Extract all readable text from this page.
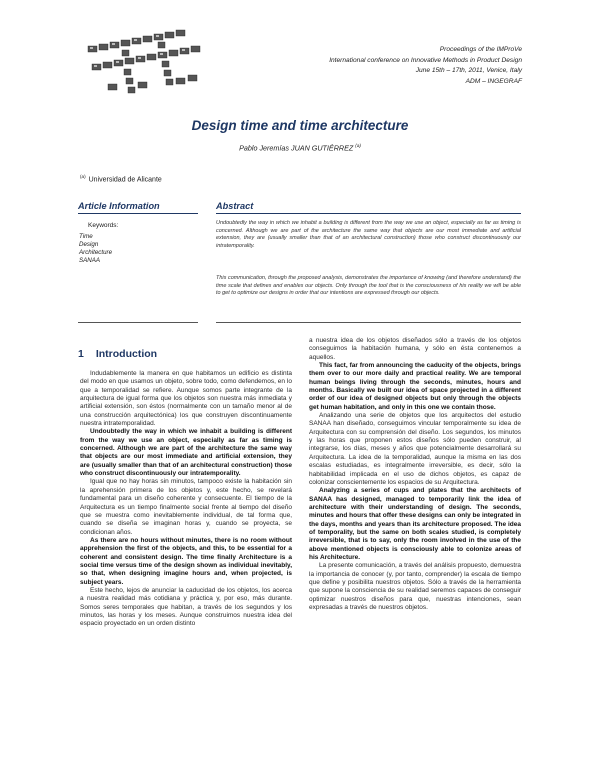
Proceedings of the IMProVe
International conference on Innovative Methods in Product Design
June 15th – 17th, 2011, Venice, Italy
ADM – INGEGRAF
Design time and time architecture
Pablo Jeremías JUAN GUTIÉRREZ $^{(a)}$
$^{(a)}$ Universidad de Alicante
Article Information	Abstract
Keywords:
Time
Design
Architecture
SANAA
Undoubtedly the way in which we inhabit a building is different from the way we use an object, especially as far as timing is concerned. Although we are part of the architecture the same way that objects are our most immediate and artificial extension, they are (usually smaller than that of an architectural construction) those who construct discontinuously our intratemporality.
This communication, through the proposed analysis, demonstrates the importance of knowing (and therefore understand) the time scale that defines and enables our objects. Only through the tool that is the consciousness of his reality we will be able to get to optimize our designs in order that our intentions are expressed through our objects.
1 Introduction

Indudablemente la manera en que habitamos un edificio es distinta del modo en que usamos un objeto, sobre todo, como defendemos, en lo que a temporalidad se refiere. Aunque somos parte integrante de la arquitectura de igual forma que los objetos son nuestra más inmediata y artificial extensión, son éstos (normalmente con un tamaño menor al de una construcción arquitectónica) los que construyen discontinuamente nuestra intratemporalidad.

Undoubtedly the way in which we inhabit a building is different from the way we use an object, especially as far as timing is concerned. Although we are part of the architecture the same way that objects are our most immediate and artificial extension, they are (usually smaller than that of an architectural construction) those who construct discontinuously our intratemporality.

Igual que no hay horas sin minutos, tampoco existe la habitación sin la aprehensión primera de los objetos y, este hecho, se revelará fundamental para un diseño coherente y consecuente. El tiempo de la Arquitectura es un tiempo finalmente social frente al tiempo del diseño que se muestra como inevitablemente individual, de tal forma que, cuando se diseña se imaginan horas y, cuando se proyecta, se condicionan años.

As there are no hours without minutes, there is no room without apprehension the first of the objects, and this, to be essential for a coherent and consistent design. The time finally Architecture is a social time versus time of the design shown as individual inevitably, so that, when designing imagine hours and, when projected, is subject years.

Este hecho, lejos de anunciar la caducidad de los objetos, los acerca a nuestra realidad más cotidiana y práctica y, por eso, más durante. Somos seres temporales que habitan, a través de los segundos y los minutos, las horas y los meses. Aunque construimos nuestra idea del espacio proyectado en un orden distinto

a nuestra idea de los objetos diseñados sólo a través de los objetos conseguimos la habitación humana, y sólo en ésta contenemos a aquellos.

This fact, far from announcing the caducity of the objects, brings them over to our more daily and practical reality. We are temporal human beings living through the seconds, minutes, hours and months. Basically we built our idea of space projected in a different order of our idea of designed objects but only through the objects get human habitation, and only in this one we contain those.

Analizando una serie de objetos que los arquitectos del estudio SANAA han diseñado, conseguimos vincular temporalmente su idea de Arquitectura con su comprensión del diseño. Los segundos, los minutos y las horas que proponen estos diseños sólo pueden construir, al integrarse, los días, meses y años que potencialmente desarrollará su Arquitectura. La idea de la temporalidad, aunque la misma en las dos escalas estudiadas, es integralmente irreversible, es decir, sólo la habitabilidad implicada en el uso de dichos objetos, es capaz de colonizar conscientemente los espacios de su Arquitectura.

Analyzing a series of cups and plates that the architects of SANAA has designed, managed to temporarily link the idea of architecture with their understanding of design. The seconds, minutes and hours that offer these designs can only be integrated in the days, months and years than its architecture proposed. The idea of temporality, but the same on both scales studied, is completely irreversible, that is to say, only the room involved in the use of the above mentioned objects is consciously able to colonize areas of his Architecture.

La presente comunicación, a través del análisis propuesto, demuestra la importancia de conocer (y, por tanto, comprender) la escala de tiempo que define y posibilita nuestros objetos. Sólo a través de la herramienta que supone la consciencia de su realidad seremos capaces de conseguir optimizar nuestros diseños para que, nuestras intenciones, sean expresadas a través de nuestros objetos.
